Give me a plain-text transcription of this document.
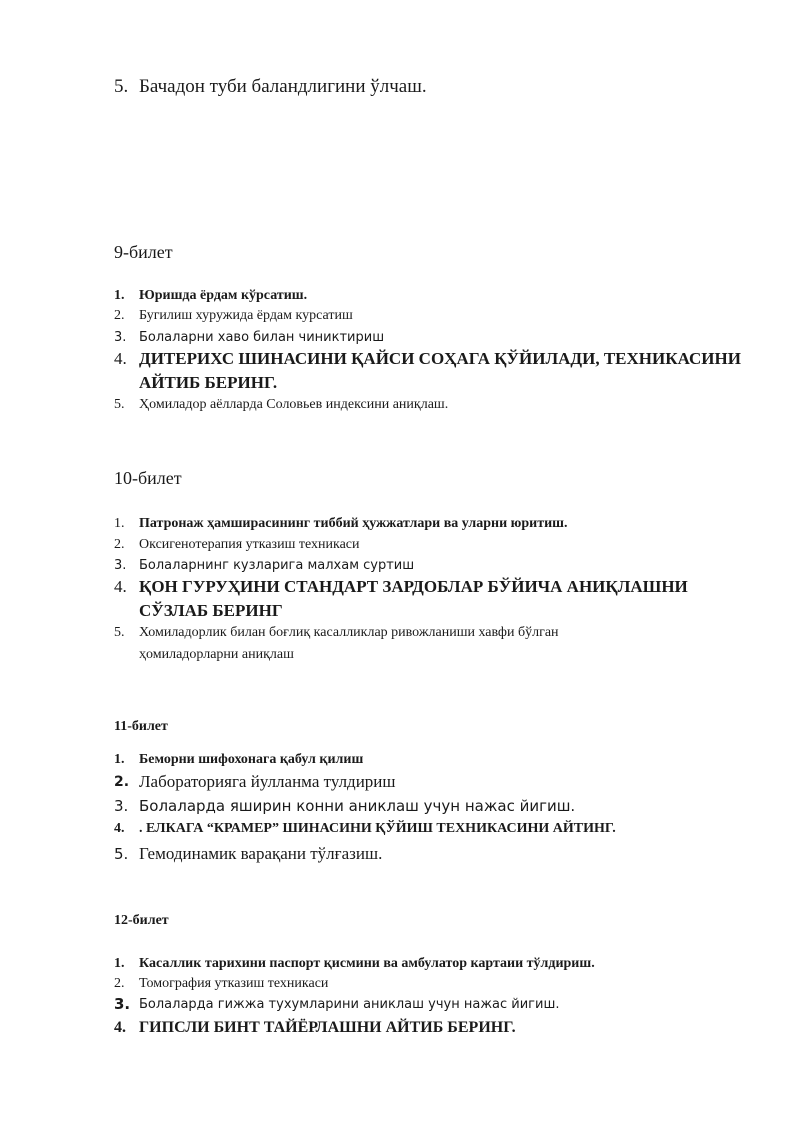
5. Бачадон туби баландлигини ўлчаш.
9-билет
1. Юришда ёрдам кўрсатиш.
2. Бугилиш хуружида ёрдам курсатиш
3. Болаларни хаво билан чиниктириш
4. ДИТЕРИХС ШИНАСИНИ ҚАЙСИ СОҲАГА ҚЎЙИЛАДИ, ТЕХНИКАСИНИ
АЙТИБ БЕРИНГ.
5. Ҳомиладор аёлларда Соловьев индексини аниқлаш.
10-билет
1. Патронаж ҳамширасининг тиббий ҳужжатлари ва уларни юритиш.
2. Оксигенотерапия утказиш техникаси
3. Болаларнинг кузларига малхам суртиш
4. ҚОН ГУРУҲИНИ СТАНДАРТ ЗАРДОБЛАР БЎЙИЧА АНИҚЛАШНИ
СЎЗЛАБ БЕРИНГ
5. Хомиладорлик билан боғлиқ касалликлар ривожланиши хавфи бўлган
ҳомиладорларни аниқлаш
11-билет
1. Беморни шифохонага қабул қилиш
2. Лабораторияга йулланма тулдириш
3. Болаларда яширин конни аниклаш учун нажас йигиш.
4. . ЕЛКАГА “КРАМЕР” ШИНАСИНИ ҚЎЙИШ ТЕХНИКАСИНИ АЙТИНГ.
5. Гемодинамик варақани тўлғазиш.
12-билет
1. Касаллик тарихини паспорт қисмини ва амбулатор картаии тўлдириш.
2. Томография утказиш техникаси
3. Болаларда гижжа тухумларини аниклаш учун нажас йигиш.
4. ГИПСЛИ БИНТ ТАЙЁРЛАШНИ АЙТИБ БЕРИНГ.
